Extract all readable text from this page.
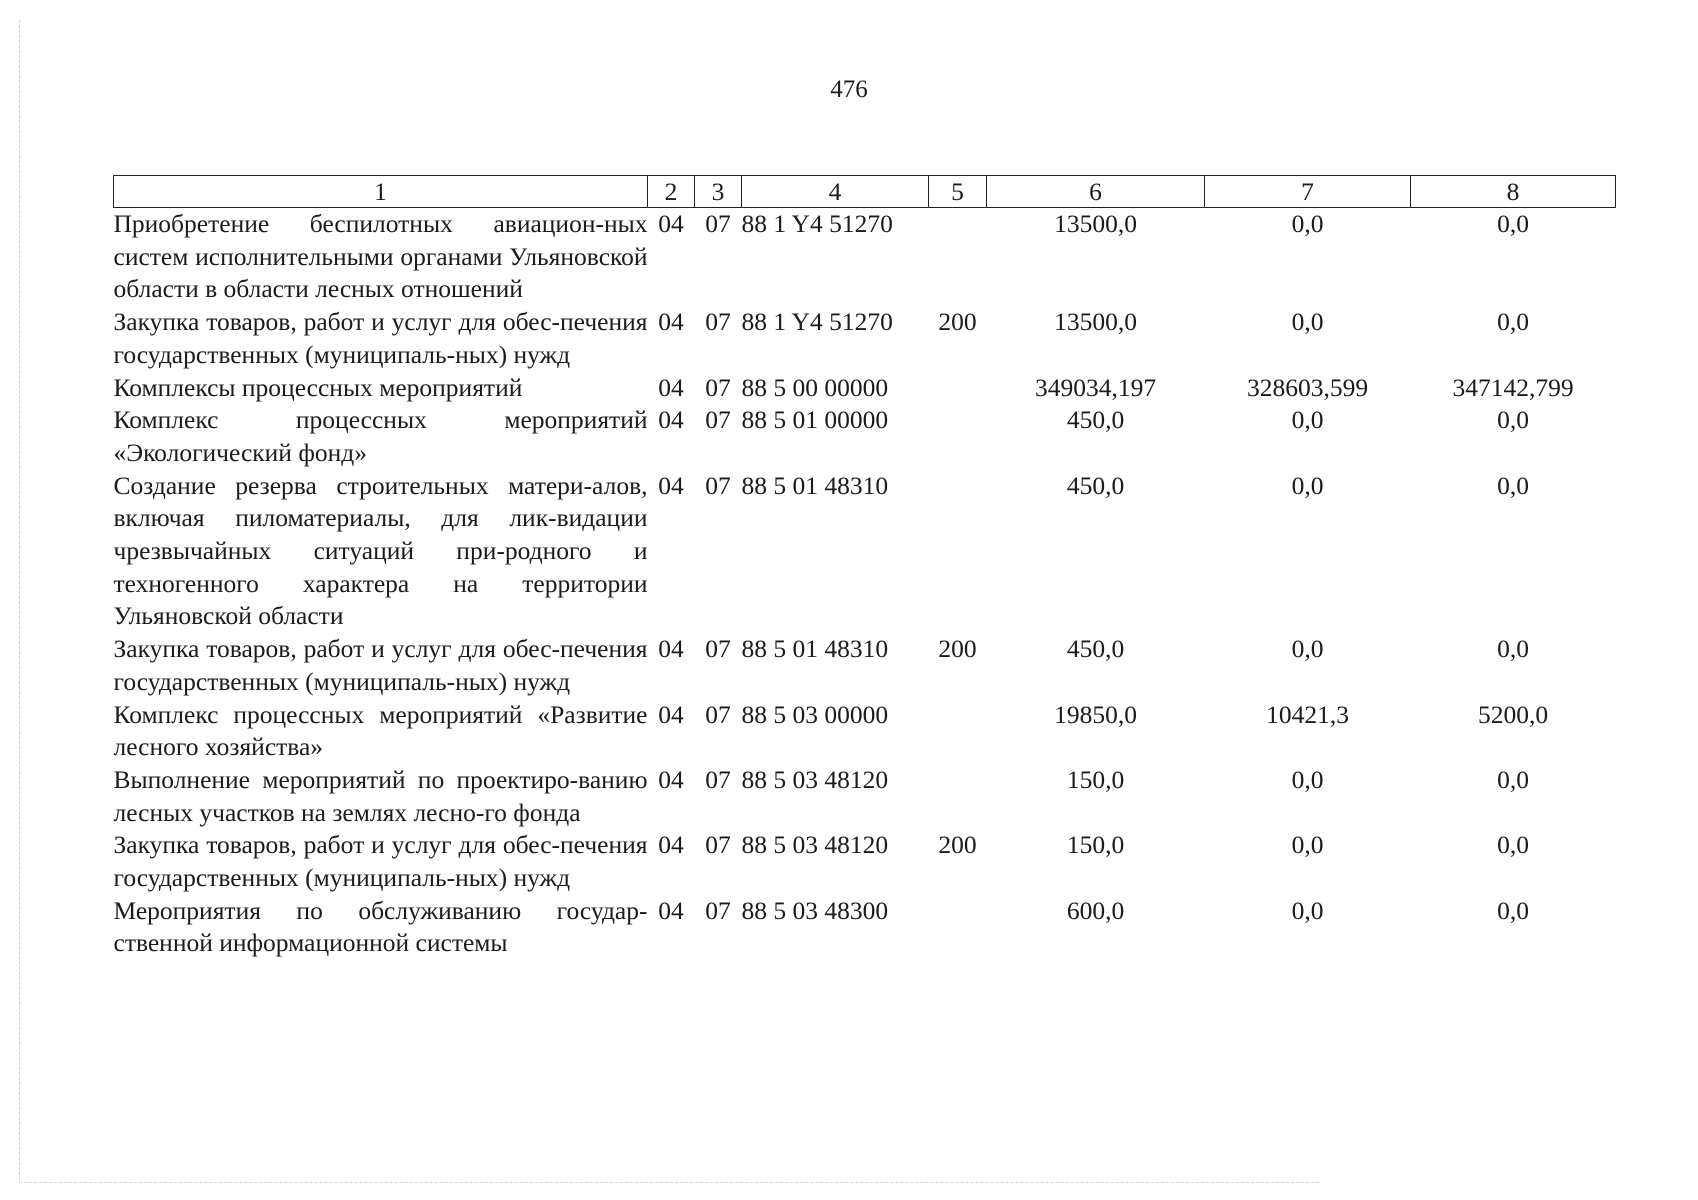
476
1	2	3	4	5	6	7	8
Приобретение беспилотных авиацион-ных систем исполнительными органами Ульяновской области в области лесных отношений	04	07	88 1 Y4 51270		13500,0	0,0	0,0
Закупка товаров, работ и услуг для обес-печения государственных (муниципаль-ных) нужд	04	07	88 1 Y4 51270	200	13500,0	0,0	0,0
Комплексы процессных мероприятий	04	07	88 5 00 00000		349034,197	328603,599	347142,799
Комплекс процессных мероприятий «Экологический фонд»	04	07	88 5 01 00000		450,0	0,0	0,0
Создание резерва строительных матери-алов, включая пиломатериалы, для лик-видации чрезвычайных ситуаций при-родного и техногенного характера на территории Ульяновской области	04	07	88 5 01 48310		450,0	0,0	0,0
Закупка товаров, работ и услуг для обес-печения государственных (муниципаль-ных) нужд	04	07	88 5 01 48310	200	450,0	0,0	0,0
Комплекс процессных мероприятий «Развитие лесного хозяйства»	04	07	88 5 03 00000		19850,0	10421,3	5200,0
Выполнение мероприятий по проектиро-ванию лесных участков на землях лесно-го фонда	04	07	88 5 03 48120		150,0	0,0	0,0
Закупка товаров, работ и услуг для обес-печения государственных (муниципаль-ных) нужд	04	07	88 5 03 48120	200	150,0	0,0	0,0
Мероприятия по обслуживанию государ-ственной информационной системы	04	07	88 5 03 48300		600,0	0,0	0,0
